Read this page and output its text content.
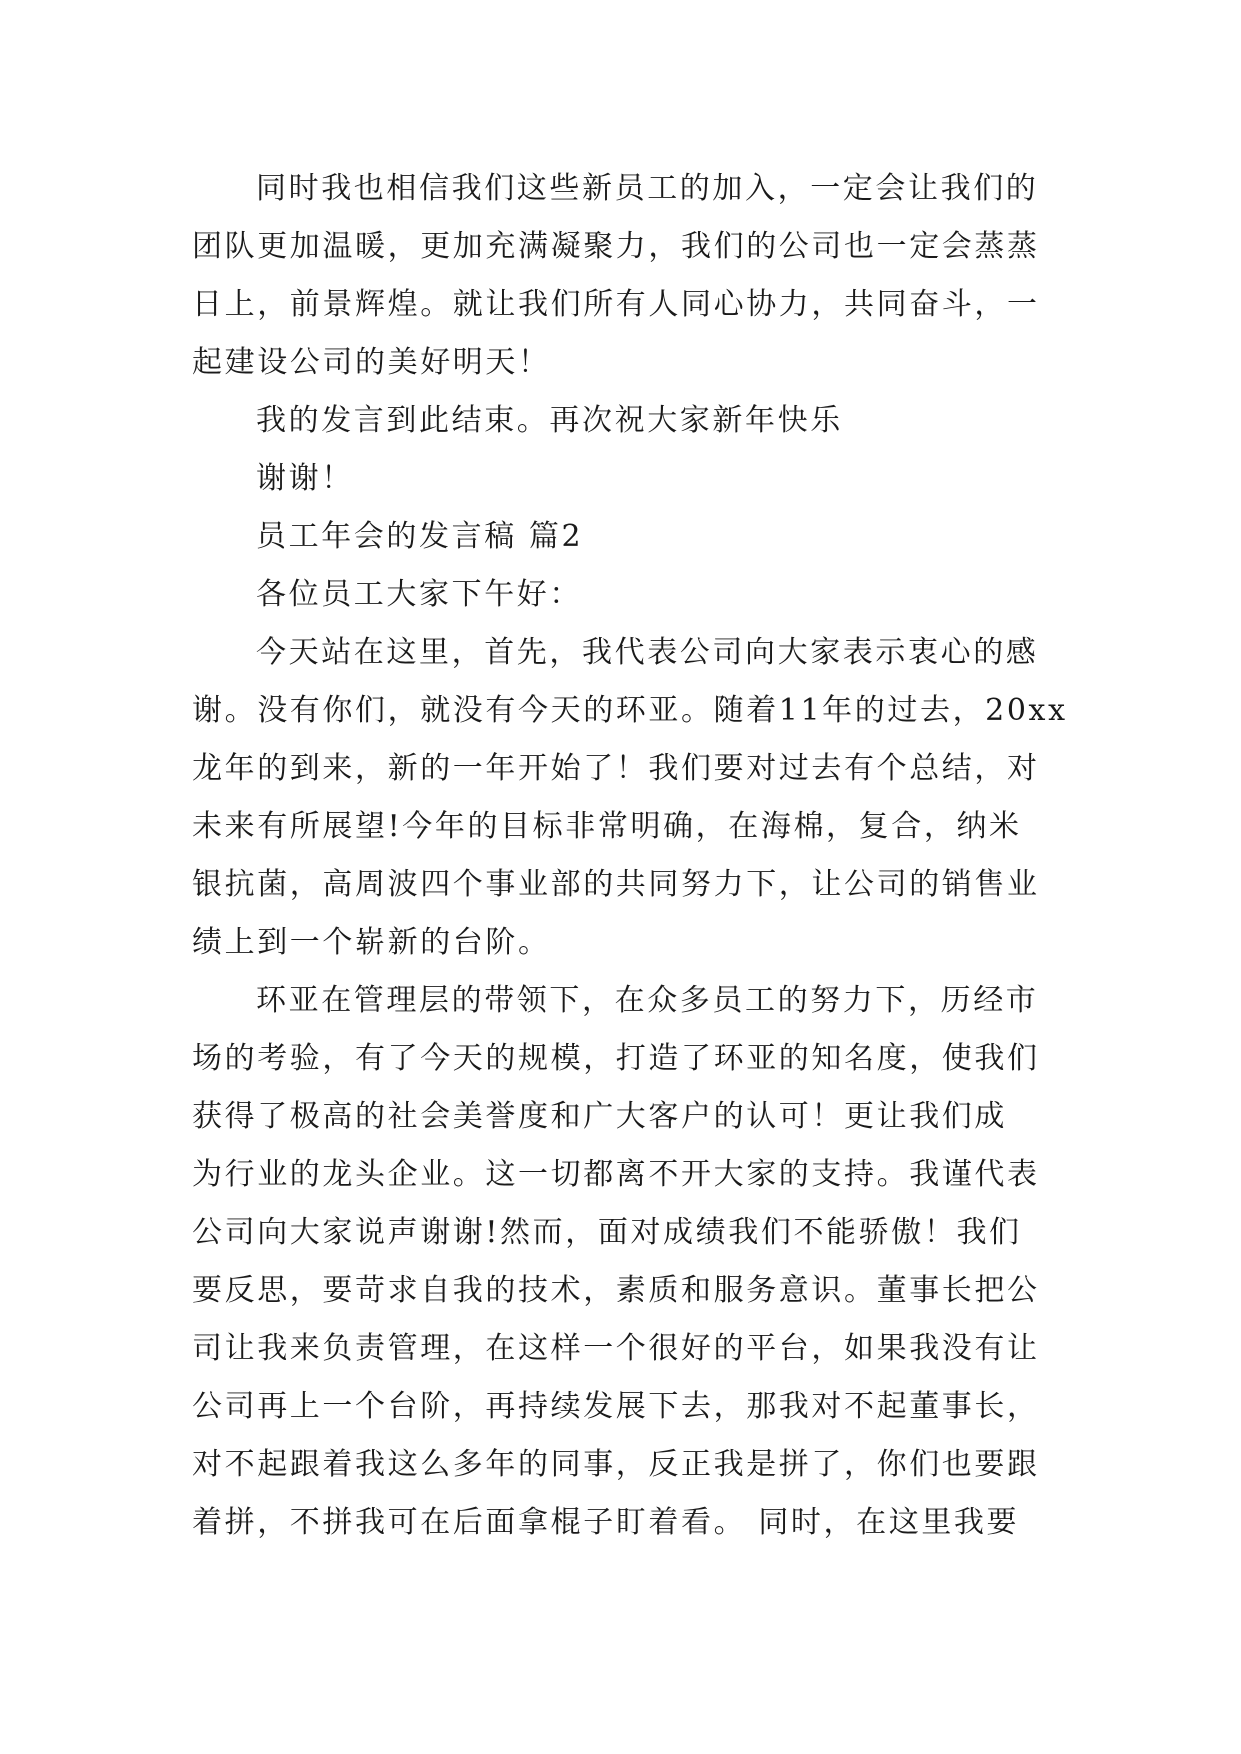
同时我也相信我们这些新员工的加入，一定会让我们的
团队更加温暖，更加充满凝聚力，我们的公司也一定会蒸蒸
日上，前景辉煌。就让我们所有人同心协力，共同奋斗，一
起建设公司的美好明天！
我的发言到此结束。再次祝大家新年快乐
谢谢！
员工年会的发言稿 篇2
各位员工大家下午好：
今天站在这里，首先，我代表公司向大家表示衷心的感
谢。没有你们，就没有今天的环亚。随着11年的过去，20xx
龙年的到来，新的一年开始了！我们要对过去有个总结，对
未来有所展望!今年的目标非常明确，在海棉，复合，纳米
银抗菌，高周波四个事业部的共同努力下，让公司的销售业
绩上到一个崭新的台阶。
环亚在管理层的带领下，在众多员工的努力下，历经市
场的考验，有了今天的规模，打造了环亚的知名度，使我们
获得了极高的社会美誉度和广大客户的认可！更让我们成
为行业的龙头企业。这一切都离不开大家的支持。我谨代表
公司向大家说声谢谢!然而，面对成绩我们不能骄傲！我们
要反思，要苛求自我的技术，素质和服务意识。董事长把公
司让我来负责管理，在这样一个很好的平台，如果我没有让
公司再上一个台阶，再持续发展下去，那我对不起董事长，
对不起跟着我这么多年的同事，反正我是拼了，你们也要跟
着拼，不拼我可在后面拿棍子盯着看。 同时，在这里我要
